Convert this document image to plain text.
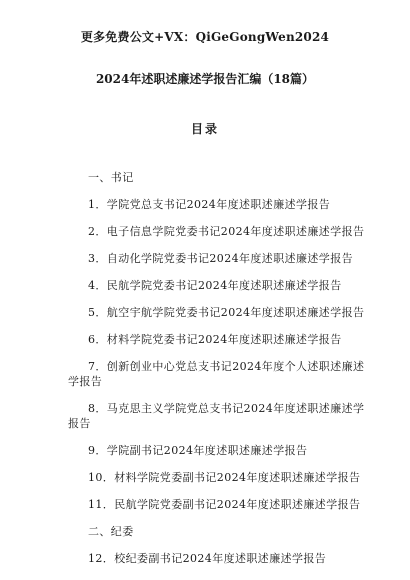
更多免费公文+VX：QiGeGongWen2024
2024年述职述廉述学报告汇编（18篇）
目录
一、书记
1．学院党总支书记2024年度述职述廉述学报告
2．电子信息学院党委书记2024年度述职述廉述学报告
3．自动化学院党委书记2024年度述职述廉述学报告
4．民航学院党委书记2024年度述职述廉述学报告
5．航空宇航学院党委书记2024年度述职述廉述学报告
6．材料学院党委书记2024年度述职述廉述学报告
7．创新创业中心党总支书记2024年度个人述职述廉述学报告
8．马克思主义学院党总支书记2024年度述职述廉述学报告
9．学院副书记2024年度述职述廉述学报告
10．材料学院党委副书记2024年度述职述廉述学报告
11．民航学院党委副书记2024年度述职述廉述学报告
二、纪委
12．校纪委副书记2024年度述职述廉述学报告
